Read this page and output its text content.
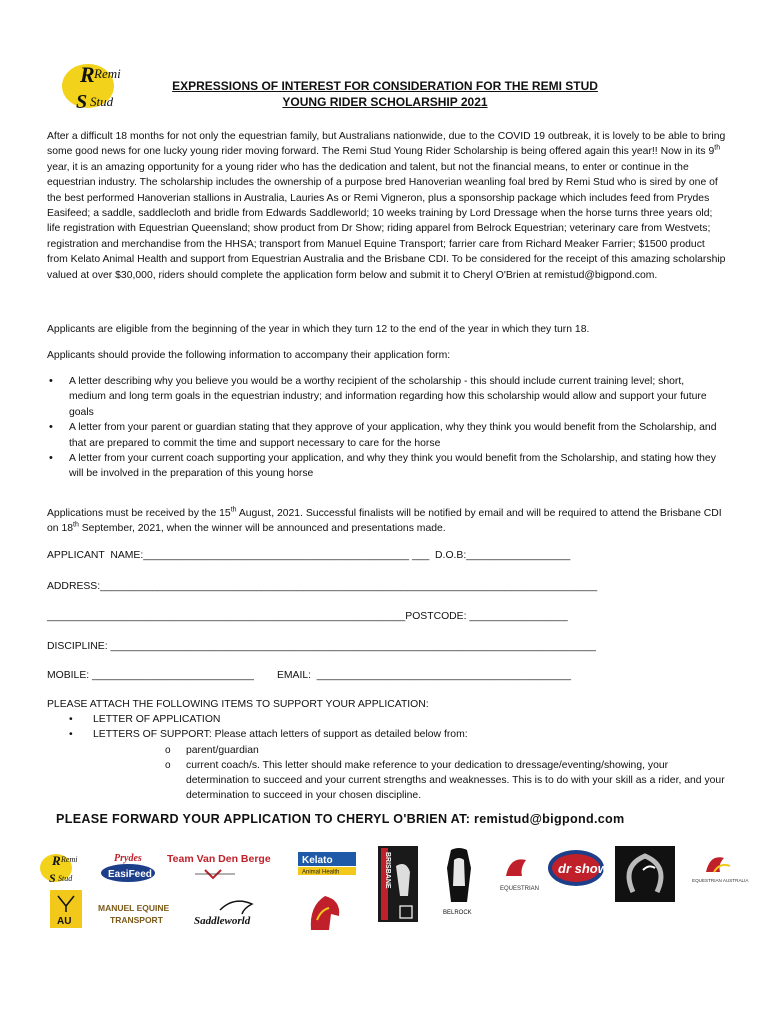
R Remi
S Stud
EXPRESSIONS OF INTEREST FOR CONSIDERATION FOR THE REMI STUD
YOUNG RIDER SCHOLARSHIP 2021

After a difficult 18 months for not only the equestrian family, but Australians nationwide, due to the COVID 19 outbreak, it is lovely to be able to bring some good news for one lucky young rider moving forward. The Remi Stud Young Rider Scholarship is being offered again this year!! Now in its 9th year, it is an amazing opportunity for a young rider who has the dedication and talent, but not the financial means, to enter or continue in the equestrian industry. The scholarship includes the ownership of a purpose bred Hanoverian weanling foal bred by Remi Stud who is sired by one of the best performed Hanoverian stallions in Australia, Lauries As or Remi Vigneron, plus a sponsorship package which includes feed from Prydes Easifeed; a saddle, saddlecloth and bridle from Edwards Saddleworld; 10 weeks training by Lord Dressage when the horse turns three years old; life registration with Equestrian Queensland; show product from Dr Show; riding apparel from Belrock Equestrian; veterinary care from Westvets; registration and merchandise from the HHSA; transport from Manuel Equine Transport; farrier care from Richard Meaker Farrier; $1500 product from Kelato Animal Health and support from Equestrian Australia and the Brisbane CDI. To be considered for the receipt of this amazing scholarship valued at over $30,000, riders should complete the application form below and submit it to Cheryl O'Brien at remistud@bigpond.com.

Applicants are eligible from the beginning of the year in which they turn 12 to the end of the year in which they turn 18.
Applicants should provide the following information to accompany their application form:
• A letter describing why you believe you would be a worthy recipient of the scholarship - this should include current training level; short, medium and long term goals in the equestrian industry; and information regarding how this scholarship would allow and support your future goals
• A letter from your parent or guardian stating that they approve of your application, why they think you would benefit from the Scholarship, and that are prepared to commit the time and support necessary to care for the horse
• A letter from your current coach supporting your application, and why they think you would benefit from the Scholarship, and stating how they will be involved in the preparation of this young horse
Applications must be received by the 15th August, 2021. Successful finalists will be notified by email and will be required to attend the Brisbane CDI on 18th September, 2021, when the winner will be announced and presentations made.
APPLICANT  NAME:______________________________________________ ___  D.O.B:__________________
ADDRESS:______________________________________________________________________________________
______________________________________________________________POSTCODE: _________________
DISCIPLINE: ____________________________________________________________________________________
MOBILE: ____________________________        EMAIL:  ____________________________________________
PLEASE ATTACH THE FOLLOWING ITEMS TO SUPPORT YOUR APPLICATION:
• LETTER OF APPLICATION
• LETTERS OF SUPPORT: Please attach letters of support as detailed below from:
o parent/guardian
o current coach/s. This letter should make reference to your dedication to dressage/eventing/showing, your determination to succeed and your current strengths and weaknesses. This is to do with your skill as a rider, and your determination to succeed in your chosen discipline.
PLEASE FORWARD YOUR APPLICATION TO CHERYL O'BRIEN AT: remistud@bigpond.com
R Remi
S Stud
Prydes
EasiFeed
Team Van Den Berge	Kelato
Animal Health	BRISBANE
BELROCK
EQUESTRIAN
dr show
EQUESTRIAN AUSTRALIA
AU
MANUEL EQUINE
TRANSPORT	Saddleworld
